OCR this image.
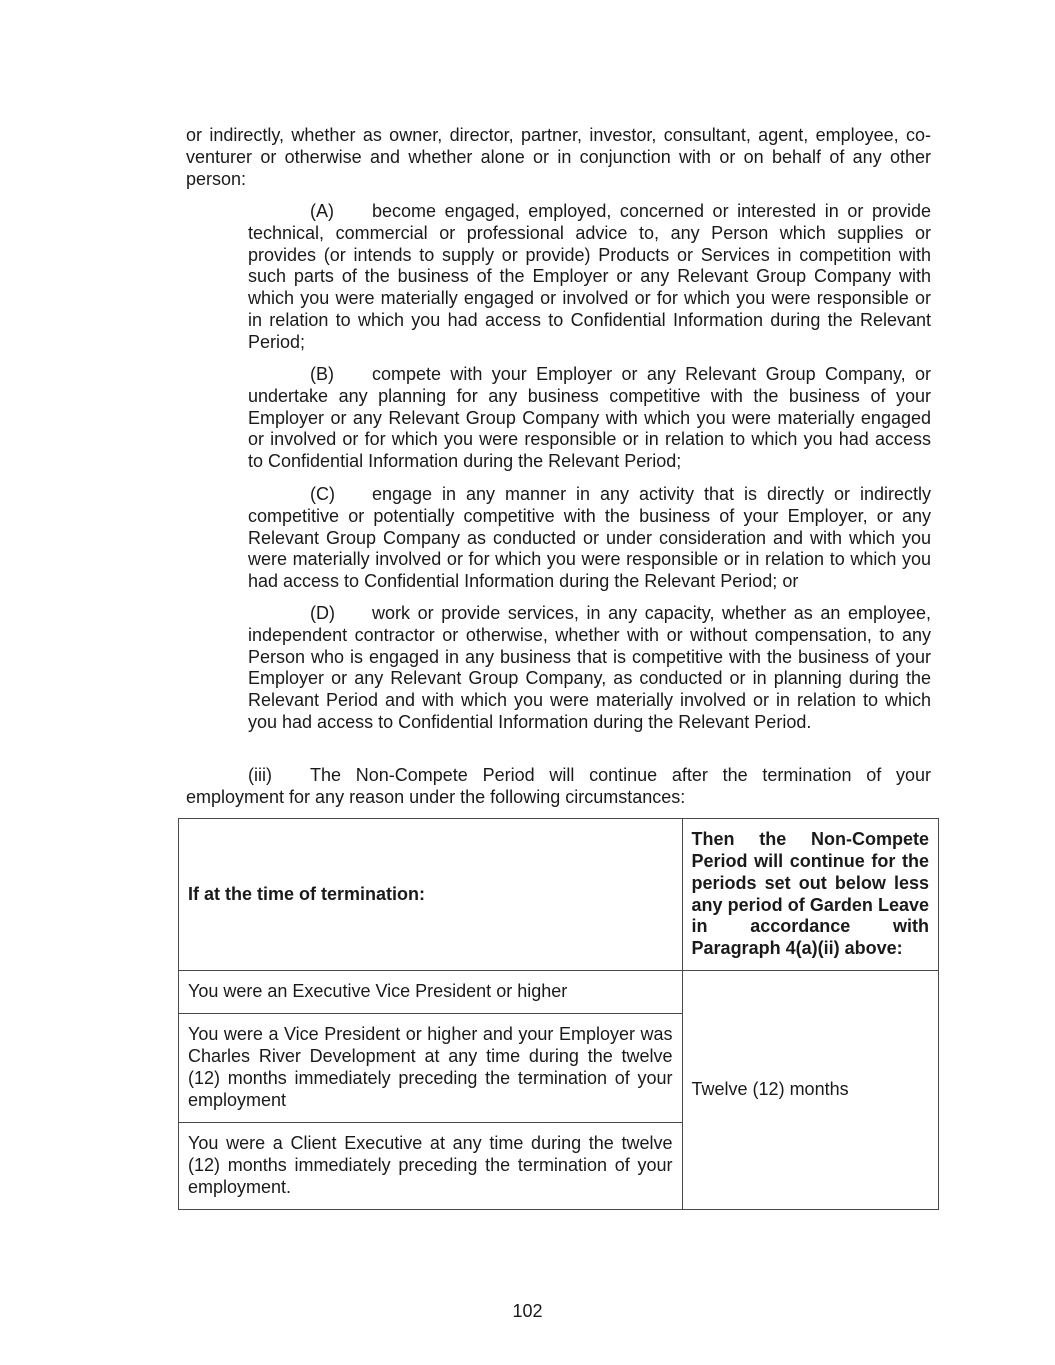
or indirectly, whether as owner, director, partner, investor, consultant, agent, employee, co-venturer or otherwise and whether alone or in conjunction with or on behalf of any other person:

(A) become engaged, employed, concerned or interested in or provide technical, commercial or professional advice to, any Person which supplies or provides (or intends to supply or provide) Products or Services in competition with such parts of the business of the Employer or any Relevant Group Company with which you were materially engaged or involved or for which you were responsible or in relation to which you had access to Confidential Information during the Relevant Period;

(B) compete with your Employer or any Relevant Group Company, or undertake any planning for any business competitive with the business of your Employer or any Relevant Group Company with which you were materially engaged or involved or for which you were responsible or in relation to which you had access to Confidential Information during the Relevant Period;

(C) engage in any manner in any activity that is directly or indirectly competitive or potentially competitive with the business of your Employer, or any Relevant Group Company as conducted or under consideration and with which you were materially involved or for which you were responsible or in relation to which you had access to Confidential Information during the Relevant Period; or

(D) work or provide services, in any capacity, whether as an employee, independent contractor or otherwise, whether with or without compensation, to any Person who is engaged in any business that is competitive with the business of your Employer or any Relevant Group Company, as conducted or in planning during the Relevant Period and with which you were materially involved or in relation to which you had access to Confidential Information during the Relevant Period.

(iii) The Non-Compete Period will continue after the termination of your employment for any reason under the following circumstances:

If at the time of termination:	Then the Non-Compete Period will continue for the periods set out below less any period of Garden Leave in accordance with Paragraph 4(a)(ii) above:
You were an Executive Vice President or higher	Twelve (12) months
You were a Vice President or higher and your Employer was Charles River Development at any time during the twelve (12) months immediately preceding the termination of your employment	
You were a Client Executive at any time during the twelve (12) months immediately preceding the termination of your employment.	
102
